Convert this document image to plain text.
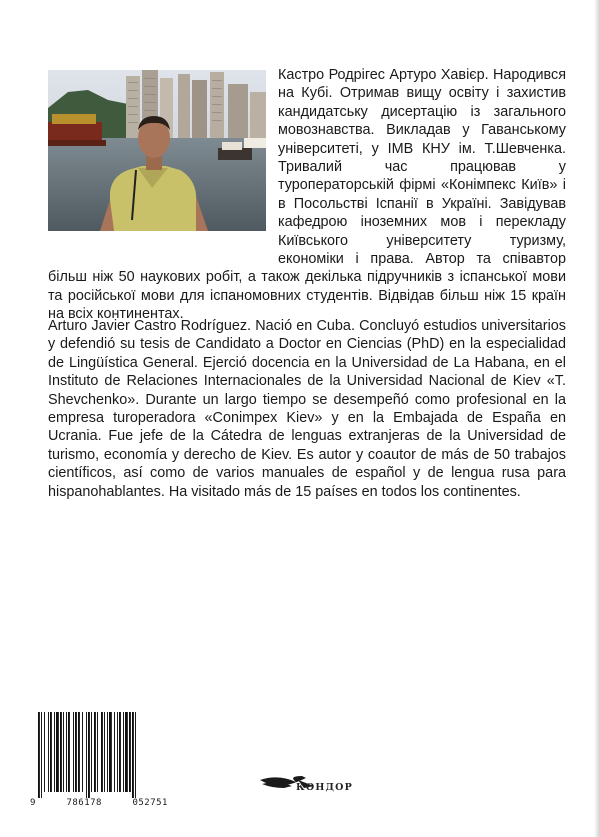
Кастро Родрігес Артуро Хавієр. Народився на Кубі. Отримав вищу освіту і захистив кандидатську дисертацію із загального мовознавства. Викладав у Гаванському університеті, у ІМВ КНУ ім. Т.Шевченка. Тривалий час працював у туроператорській фірмі «Конімпекс Київ» і в Посольстві Іспанії в Україні. Завідував кафедрою іноземних мов і перекладу Київського університету туризму, економіки і права. Автор та співавтор більш ніж 50 наукових робіт, а також декілька підручників з іспанської мови та російської мови для іспаномовних студентів. Відвідав більш ніж 15 країн на всіх континентах.
Arturo Javier Castro Rodríguez. Nació en Cuba. Concluyó estudios universitarios y defendió su tesis de Candidato a Doctor en Ciencias (PhD) en la especialidad de Lingüística General. Ejerció docencia en la Universidad de La Habana, en el Instituto de Relaciones Internacionales de la Universidad Nacional de Kiev «T. Shevchenko». Durante un largo tiempo se desempeñó como profesional en la empresa turoperadora «Conimpex Kiev» y en la Embajada de España en Ucrania. Fue jefe de la Cátedra de lenguas extranjeras de la Universidad de turismo, economía y derecho de Kiev. Es autor y coautor de más de 50 trabajos científicos, así como de varios manuales de español y de lengua rusa para hispanohablantes. Ha visitado más de 15 países en todos los continentes.
9	786178	052751
КОНДОР
